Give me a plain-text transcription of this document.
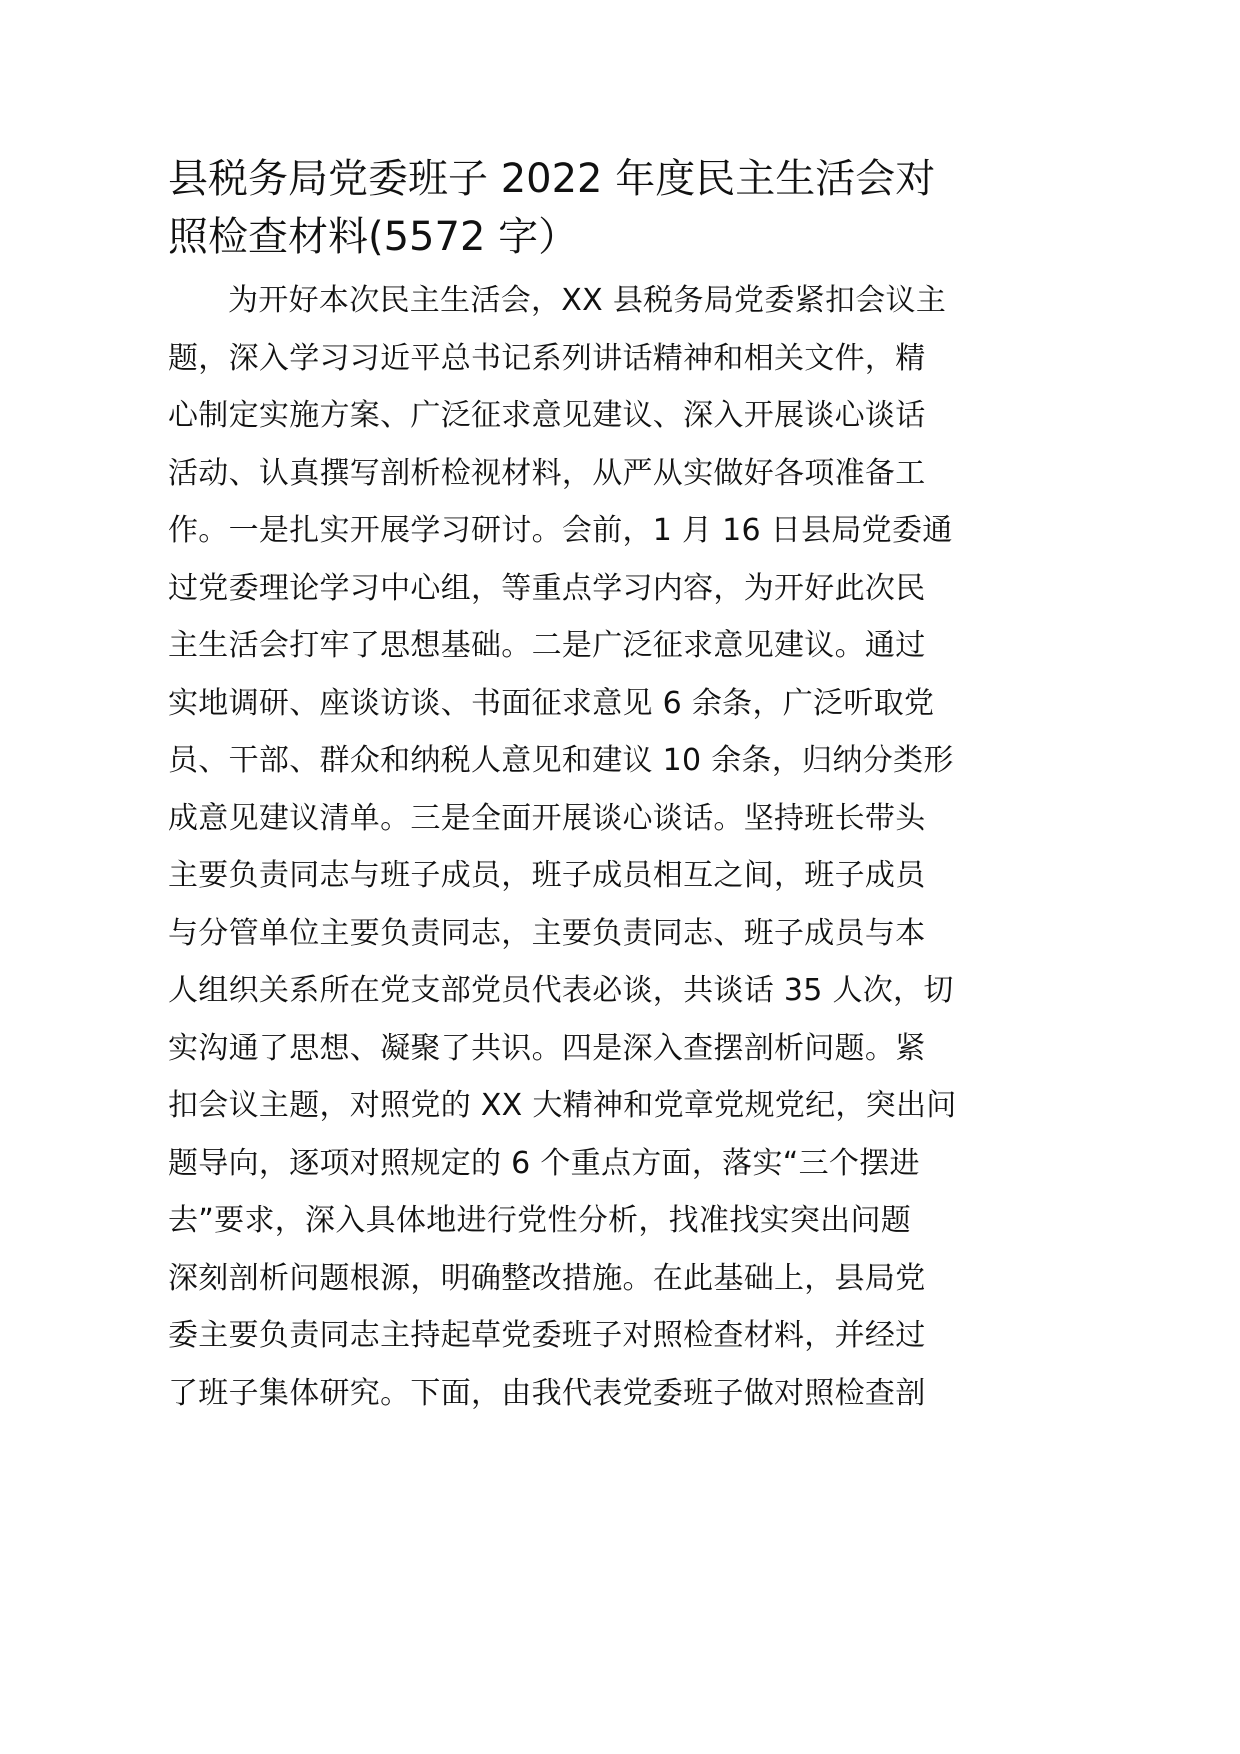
县税务局党委班子 2022 年度民主生活会对
照检查材料(5572 字）
为开好本次民主生活会，XX 县税务局党委紧扣会议主
题，深入学习习近平总书记系列讲话精神和相关文件，精
心制定实施方案、广泛征求意见建议、深入开展谈心谈话
活动、认真撰写剖析检视材料，从严从实做好各项准备工
作。一是扎实开展学习研讨。会前，1 月 16 日县局党委通
过党委理论学习中心组，等重点学习内容，为开好此次民
主生活会打牢了思想基础。二是广泛征求意见建议。通过
实地调研、座谈访谈、书面征求意见 6 余条，广泛听取党
员、干部、群众和纳税人意见和建议 10 余条，归纳分类形
成意见建议清单。三是全面开展谈心谈话。坚持班长带头
主要负责同志与班子成员，班子成员相互之间，班子成员
与分管单位主要负责同志，主要负责同志、班子成员与本
人组织关系所在党支部党员代表必谈，共谈话 35 人次，切
实沟通了思想、凝聚了共识。四是深入查摆剖析问题。紧
扣会议主题，对照党的 XX 大精神和党章党规党纪，突出问
题导向，逐项对照规定的 6 个重点方面，落实“三个摆进
去”要求，深入具体地进行党性分析，找准找实突出问题
深刻剖析问题根源，明确整改措施。在此基础上，县局党
委主要负责同志主持起草党委班子对照检查材料，并经过
了班子集体研究。下面，由我代表党委班子做对照检查剖
